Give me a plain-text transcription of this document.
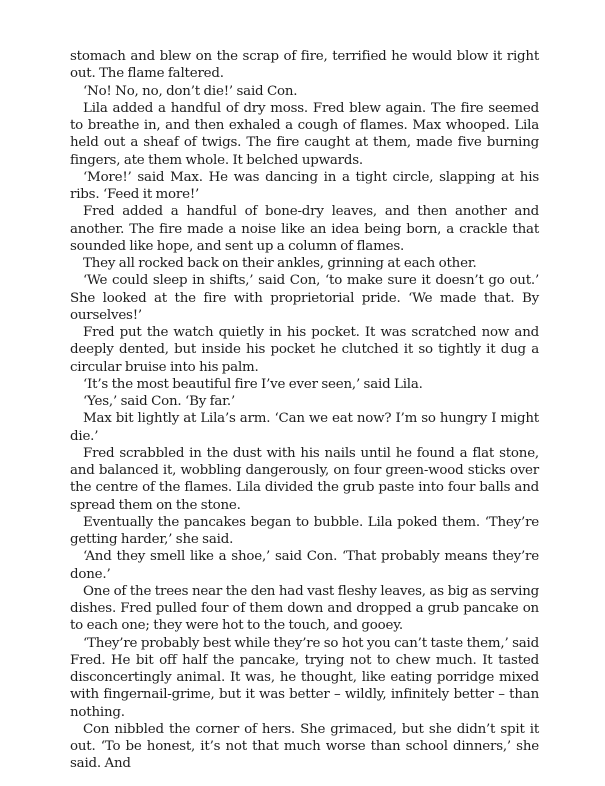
stomach and blew on the scrap of fire, terrified he would blow it right out. The flame faltered.

‘No! No, no, don’t die!’ said Con.

Lila added a handful of dry moss. Fred blew again. The fire seemed to breathe in, and then exhaled a cough of flames. Max whooped. Lila held out a sheaf of twigs. The fire caught at them, made five burning fingers, ate them whole. It belched upwards.

‘More!’ said Max. He was dancing in a tight circle, slapping at his ribs. ‘Feed it more!’

Fred added a handful of bone-dry leaves, and then another and another. The fire made a noise like an idea being born, a crackle that sounded like hope, and sent up a column of flames.

They all rocked back on their ankles, grinning at each other.

‘We could sleep in shifts,’ said Con, ‘to make sure it doesn’t go out.’ She looked at the fire with proprietorial pride. ‘We made that. By ourselves!’

Fred put the watch quietly in his pocket. It was scratched now and deeply dented, but inside his pocket he clutched it so tightly it dug a circular bruise into his palm.

‘It’s the most beautiful fire I’ve ever seen,’ said Lila.

‘Yes,’ said Con. ‘By far.’

Max bit lightly at Lila’s arm. ‘Can we eat now? I’m so hungry I might die.’

Fred scrabbled in the dust with his nails until he found a flat stone, and balanced it, wobbling dangerously, on four green-wood sticks over the centre of the flames. Lila divided the grub paste into four balls and spread them on the stone.

Eventually the pancakes began to bubble. Lila poked them. ‘They’re getting harder,’ she said.

‘And they smell like a shoe,’ said Con. ‘That probably means they’re done.’

One of the trees near the den had vast fleshy leaves, as big as serving dishes. Fred pulled four of them down and dropped a grub pancake on to each one; they were hot to the touch, and gooey.

‘They’re probably best while they’re so hot you can’t taste them,’ said Fred. He bit off half the pancake, trying not to chew much. It tasted disconcertingly animal. It was, he thought, like eating porridge mixed with fingernail-grime, but it was better – wildly, infinitely better – than nothing.

Con nibbled the corner of hers. She grimaced, but she didn’t spit it out. ‘To be honest, it’s not that much worse than school dinners,’ she said. And
